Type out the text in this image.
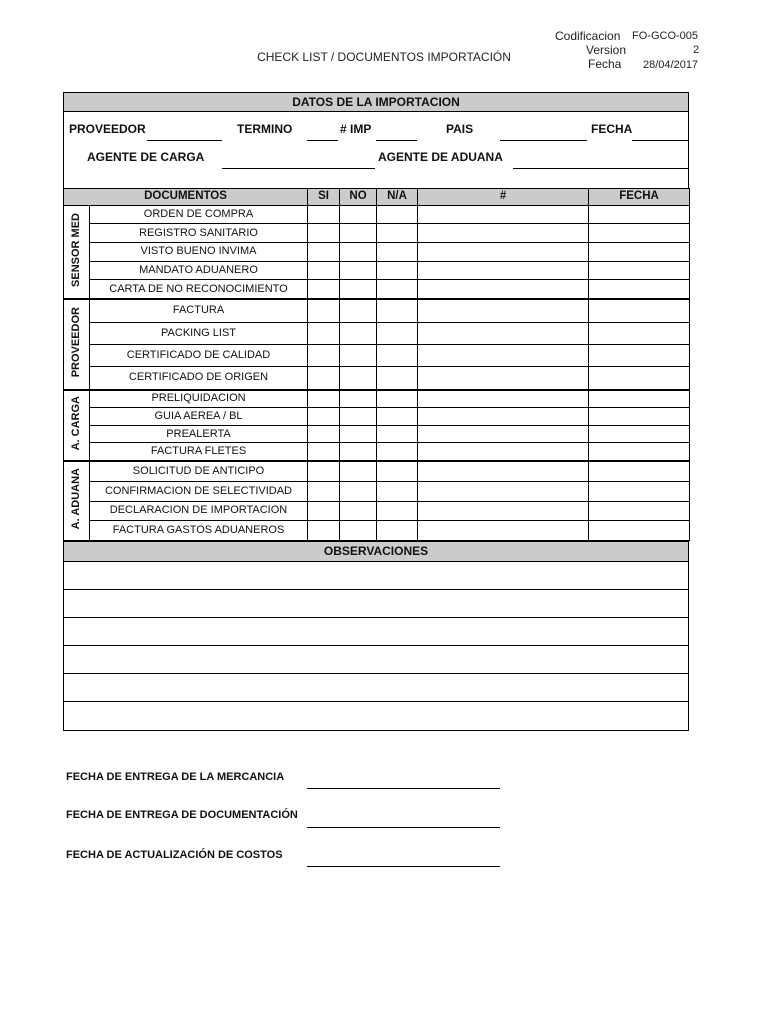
CHECK LIST / DOCUMENTOS IMPORTACIÓN
Codificacion FO-GCO-005
Version	2
Fecha 28/04/2017
DATOS DE LA IMPORTACION
PROVEEDOR	TERMINO	# IMP	PAIS	FECHA
AGENTE DE CARGA	AGENTE DE ADUANA
DOCUMENTOS		SI	NO	N/A	#	FECHA
SENSOR MED	ORDEN DE COMPRA					
	REGISTRO SANITARIO					
	VISTO BUENO INVIMA					
	MANDATO ADUANERO					
	CARTA DE NO RECONOCIMIENTO					
PROVEEDOR	FACTURA					
	PACKING LIST					
	CERTIFICADO DE CALIDAD					
	CERTIFICADO DE ORIGEN					
A. CARGA	PRELIQUIDACION					
	GUIA AEREA / BL					
	PREALERTA					
	FACTURA FLETES					
A. ADUANA	SOLICITUD DE ANTICIPO					
	CONFIRMACION DE SELECTIVIDAD					
	DECLARACION DE IMPORTACION					
	FACTURA GASTOS ADUANEROS					
OBSERVACIONES
FECHA DE ENTREGA DE LA MERCANCIA
FECHA DE ENTREGA DE DOCUMENTACIÓN
FECHA DE ACTUALIZACIÓN DE COSTOS
